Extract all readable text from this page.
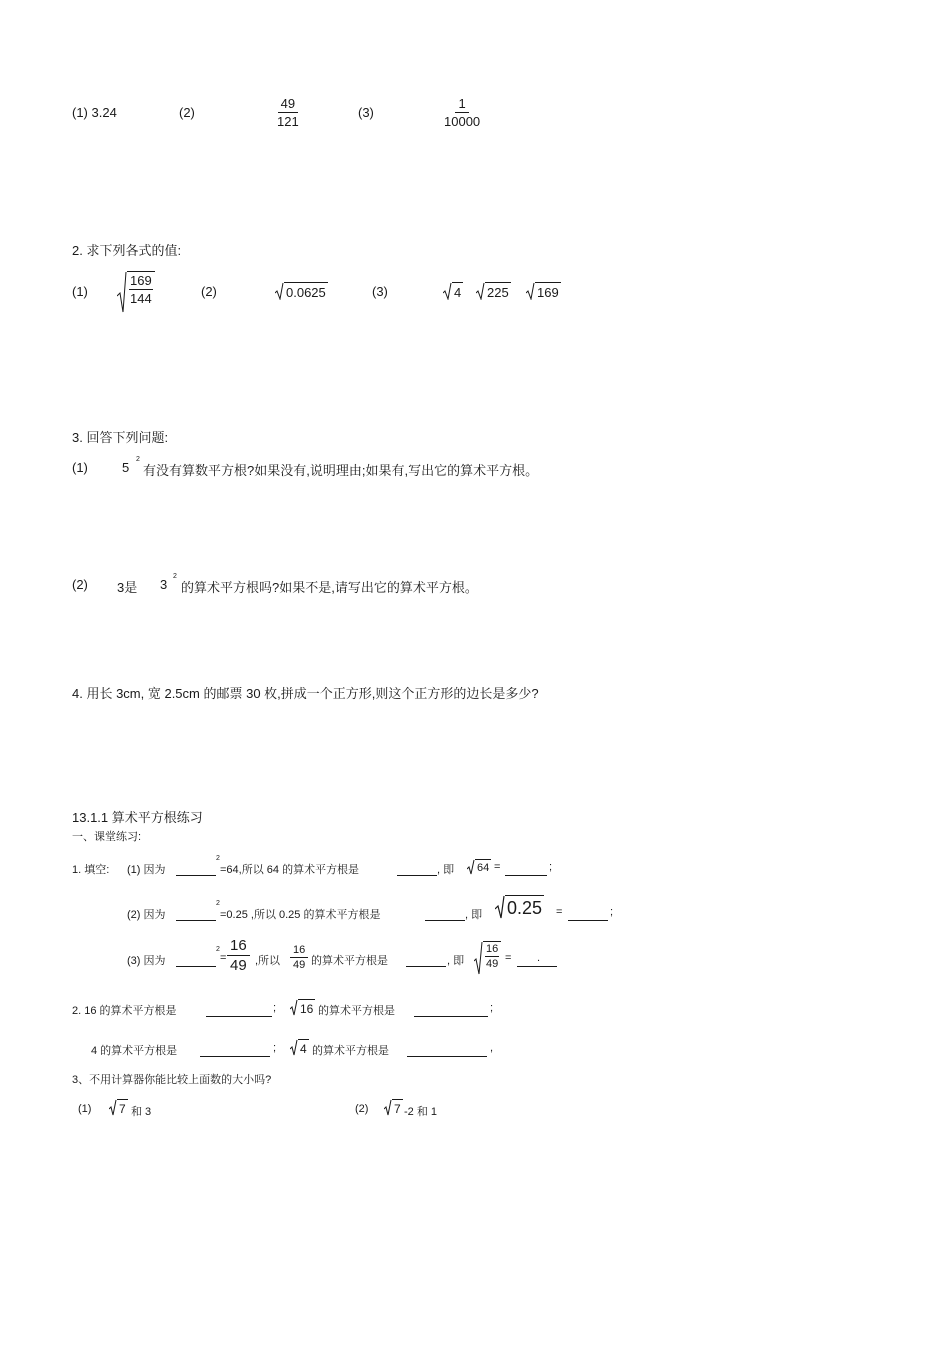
(1) 3.24	(2)	$\frac{49}{121}$	(3)	$\frac{1}{10000}$
2. 求下列各式的值:
(1)	$\frac{169}{144}$	(2)	0.0625	(3)	4 225 169
3. 回答下列问题:
(1)	5
2
有没有算数平方根?如果没有,说明理由;如果有,写出它的算术平方根。
(2) 3是 3
2
的算术平方根吗?如果不是,请写出它的算术平方根。
4. 用长 3cm, 宽 2.5cm 的邮票 30 枚,拼成一个正方形,则这个正方形的边长是多少?
13.1.1 算术平方根练习
一、课堂练习:
1. 填空: (1) 因为
2
=64,所以 64 的算术平方根是	, 即 64 =	;
(2) 因为
2
=0.25 ,所以 0.25 的算术平方根是	, 即 0.25 =	;
(3) 因为
2
= $\frac{16}{49}$ ,所以 $\frac{16}{49}$ 的算术平方根是	, 即 $\frac{16}{49}$ = .
2. 16 的算术平方根是	; 16 的算术平方根是	;
4 的算术平方根是	; 4 的算术平方根是	,
3、不用计算器你能比较上面数的大小吗?
(1) 7 和 3	(2) 7 -2 和 1
